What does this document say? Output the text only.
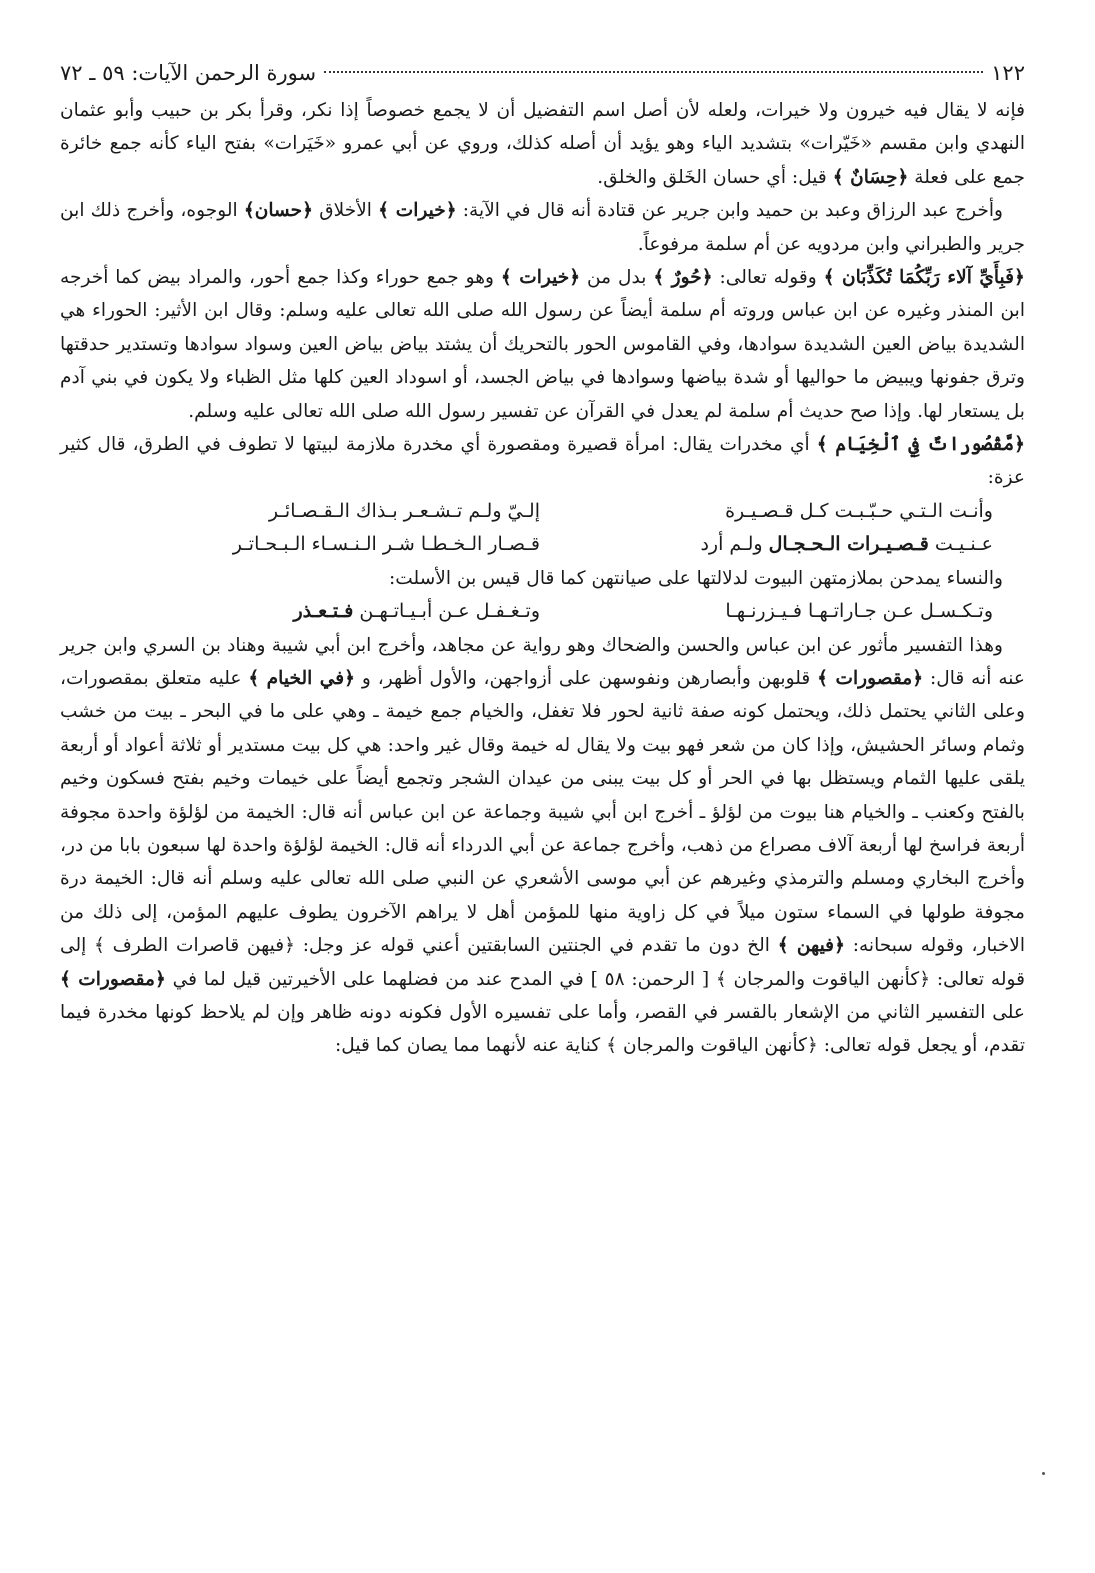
١٢٢
سورة الرحمن الآيات: ٥٩ ـ ٧٢

فإنه لا يقال فيه خيرون ولا خيرات، ولعله لأن أصل اسم التفضيل أن لا يجمع خصوصاً إذا نكر، وقرأ بكر بن حبيب وأبو عثمان النهدي وابن مقسم «خَيّرات» بتشديد الياء وهو يؤيد أن أصله كذلك، وروي عن أبي عمرو «خَيَرات» بفتح الياء كأنه جمع خائرة جمع على فعلة ﴿حِسَانٌ ﴾ قيل: أي حسان الخَلق والخلق.

وأخرج عبد الرزاق وعبد بن حميد وابن جرير عن قتادة أنه قال في الآية: ﴿خيرات ﴾ الأخلاق ﴿حسان﴾ الوجوه، وأخرج ذلك ابن جرير والطبراني وابن مردويه عن أم سلمة مرفوعاً.

﴿فَبِأَيِّ آلاء رَبِّكُمَا تُكَذِّبَان ﴾ وقوله تعالى: ﴿حُورٌ ﴾ بدل من ﴿خيرات ﴾ وهو جمع حوراء وكذا جمع أحور، والمراد بيض كما أخرجه ابن المنذر وغيره عن ابن عباس وروته أم سلمة أيضاً عن رسول الله صلى الله تعالى عليه وسلم: وقال ابن الأثير: الحوراء هي الشديدة بياض العين الشديدة سوادها، وفي القاموس الحور بالتحريك أن يشتد بياض بياض العين وسواد سوادها وتستدير حدقتها وترق جفونها ويبيض ما حواليها أو شدة بياضها وسوادها في بياض الجسد، أو اسوداد العين كلها مثل الظباء ولا يكون في بني آدم بل يستعار لها. وإذا صح حديث أم سلمة لم يعدل في القرآن عن تفسير رسول الله صلى الله تعالى عليه وسلم.

﴿مَّقْصُوراتٌ فِي ٱلْخِيَام ﴾ أي مخدرات يقال: امرأة قصيرة ومقصورة أي مخدرة ملازمة لبيتها لا تطوف في الطرق، قال كثير عزة:

وأنـت الـتـي حـبّـبـت كـل قـصـيـرة
إلـيّ ولـم تـشـعـر بـذاك الـقـصـائـر
عـنـيـت قـصـيـرات الـحـجـال ولـم أرد
قـصـار الـخـطـا شـر الـنـسـاء الـبـحـاتـر

والنساء يمدحن بملازمتهن البيوت لدلالتها على صيانتهن كما قال قيس بن الأسلت:

وتـكـسـل عـن جـاراتـهـا فـيـزرنـهـا
وتـغـفـل عـن أبـيـاتـهـن فـتـعـذر

وهذا التفسير مأثور عن ابن عباس والحسن والضحاك وهو رواية عن مجاهد، وأخرج ابن أبي شيبة وهناد بن السري وابن جرير عنه أنه قال: ﴿مقصورات ﴾ قلوبهن وأبصارهن ونفوسهن على أزواجهن، والأول أظهر، و ﴿في الخيام ﴾ عليه متعلق بمقصورات، وعلى الثاني يحتمل ذلك، ويحتمل كونه صفة ثانية لحور فلا تغفل، والخيام جمع خيمة ـ وهي على ما في البحر ـ بيت من خشب وثمام وسائر الحشيش، وإذا كان من شعر فهو بيت ولا يقال له خيمة وقال غير واحد: هي كل بيت مستدير أو ثلاثة أعواد أو أربعة يلقى عليها الثمام ويستظل بها في الحر أو كل بيت يبنى من عيدان الشجر وتجمع أيضاً على خيمات وخيم بفتح فسكون وخيم بالفتح وكعنب ـ والخيام هنا بيوت من لؤلؤ ـ أخرج ابن أبي شيبة وجماعة عن ابن عباس أنه قال: الخيمة من لؤلؤة واحدة مجوفة أربعة فراسخ لها أربعة آلاف مصراع من ذهب، وأخرج جماعة عن أبي الدرداء أنه قال: الخيمة لؤلؤة واحدة لها سبعون بابا من در، وأخرج البخاري ومسلم والترمذي وغيرهم عن أبي موسى الأشعري عن النبي صلى الله تعالى عليه وسلم أنه قال: الخيمة درة مجوفة طولها في السماء ستون ميلاً في كل زاوية منها للمؤمن أهل لا يراهم الآخرون يطوف عليهم المؤمن، إلى ذلك من الاخبار، وقوله سبحانه: ﴿فيهن ﴾ الخ دون ما تقدم في الجنتين السابقتين أعني قوله عز وجل: ﴿فيهن قاصرات الطرف ﴾ إلى قوله تعالى: ﴿كأنهن الياقوت والمرجان ﴾ [ الرحمن: ٥٨ ] في المدح عند من فضلهما على الأخيرتين قيل لما في ﴿مقصورات ﴾ على التفسير الثاني من الإشعار بالقسر في القصر، وأما على تفسيره الأول فكونه دونه ظاهر وإن لم يلاحظ كونها مخدرة فيما تقدم، أو يجعل قوله تعالى: ﴿كأنهن الياقوت والمرجان ﴾ كناية عنه لأنهما مما يصان كما قيل:
